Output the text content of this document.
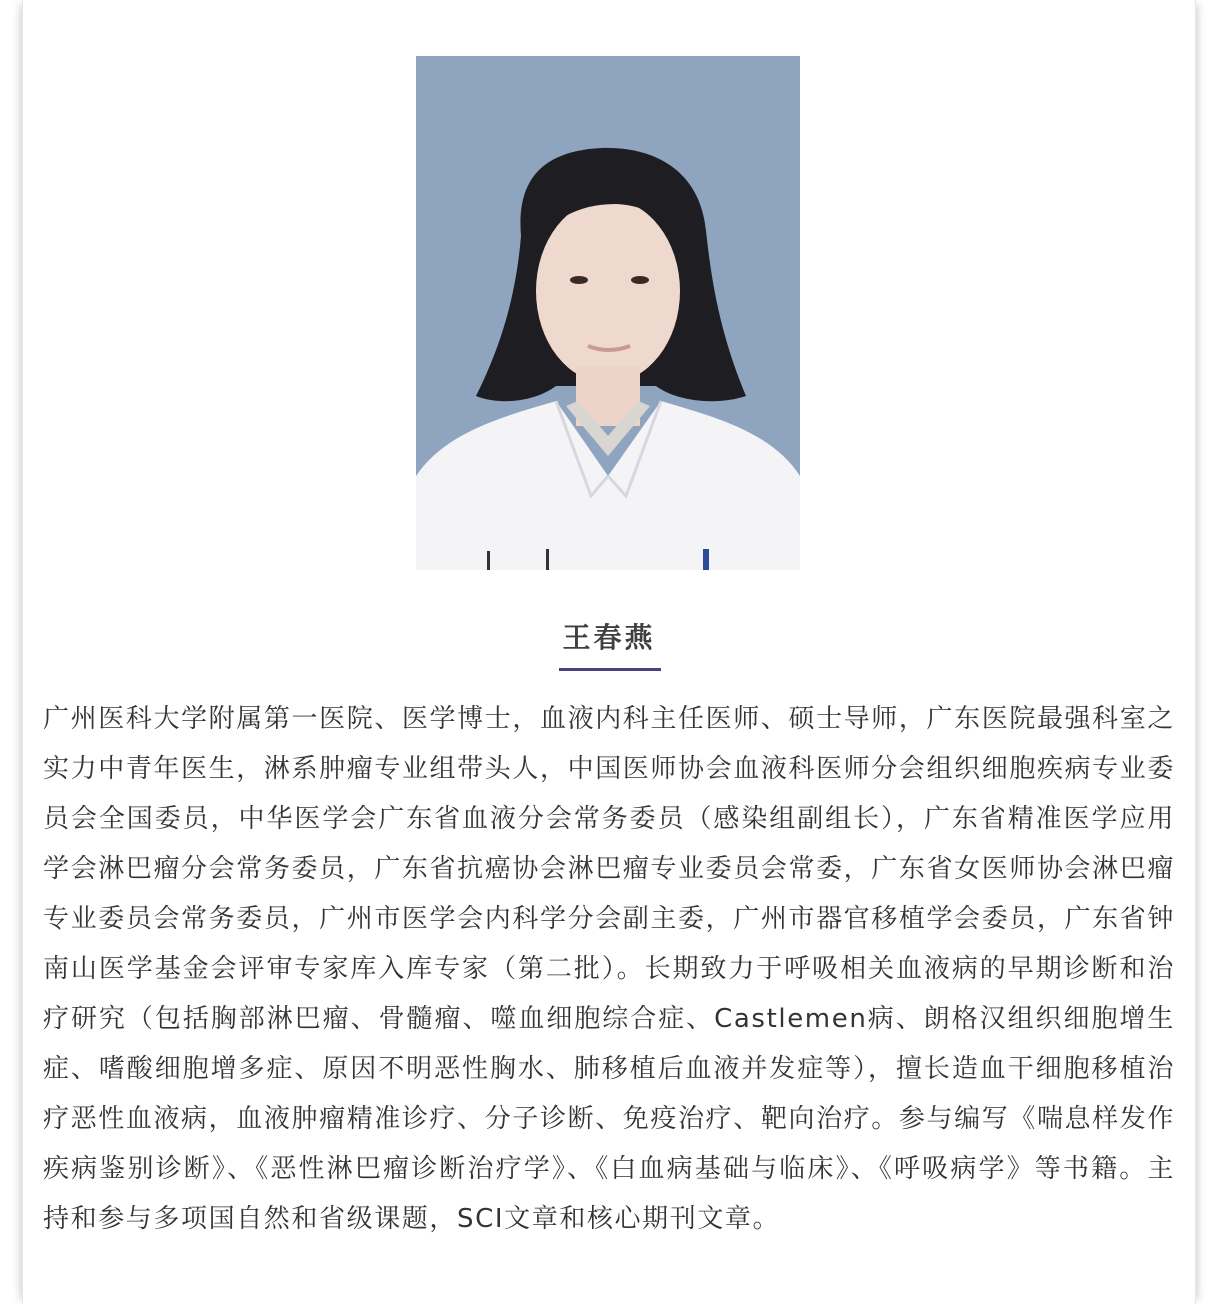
王春燕

广州医科大学附属第一医院、医学博士，血液内科主任医师、硕士导师，广东医院最强科室之实力中青年医生，淋系肿瘤专业组带头人，中国医师协会血液科医师分会组织细胞疾病专业委员会全国委员，中华医学会广东省血液分会常务委员（感染组副组长），广东省精准医学应用学会淋巴瘤分会常务委员，广东省抗癌协会淋巴瘤专业委员会常委，广东省女医师协会淋巴瘤专业委员会常务委员，广州市医学会内科学分会副主委，广州市器官移植学会委员，广东省钟南山医学基金会评审专家库入库专家（第二批）。长期致力于呼吸相关血液病的早期诊断和治疗研究（包括胸部淋巴瘤、骨髓瘤、噬血细胞综合症、Castlemen病、朗格汉组织细胞增生症、嗜酸细胞增多症、原因不明恶性胸水、肺移植后血液并发症等），擅长造血干细胞移植治疗恶性血液病，血液肿瘤精准诊疗、分子诊断、免疫治疗、靶向治疗。参与编写《喘息样发作疾病鉴别诊断》、《恶性淋巴瘤诊断治疗学》、《白血病基础与临床》、《呼吸病学》等书籍。主持和参与多项国自然和省级课题，SCI文章和核心期刊文章。
